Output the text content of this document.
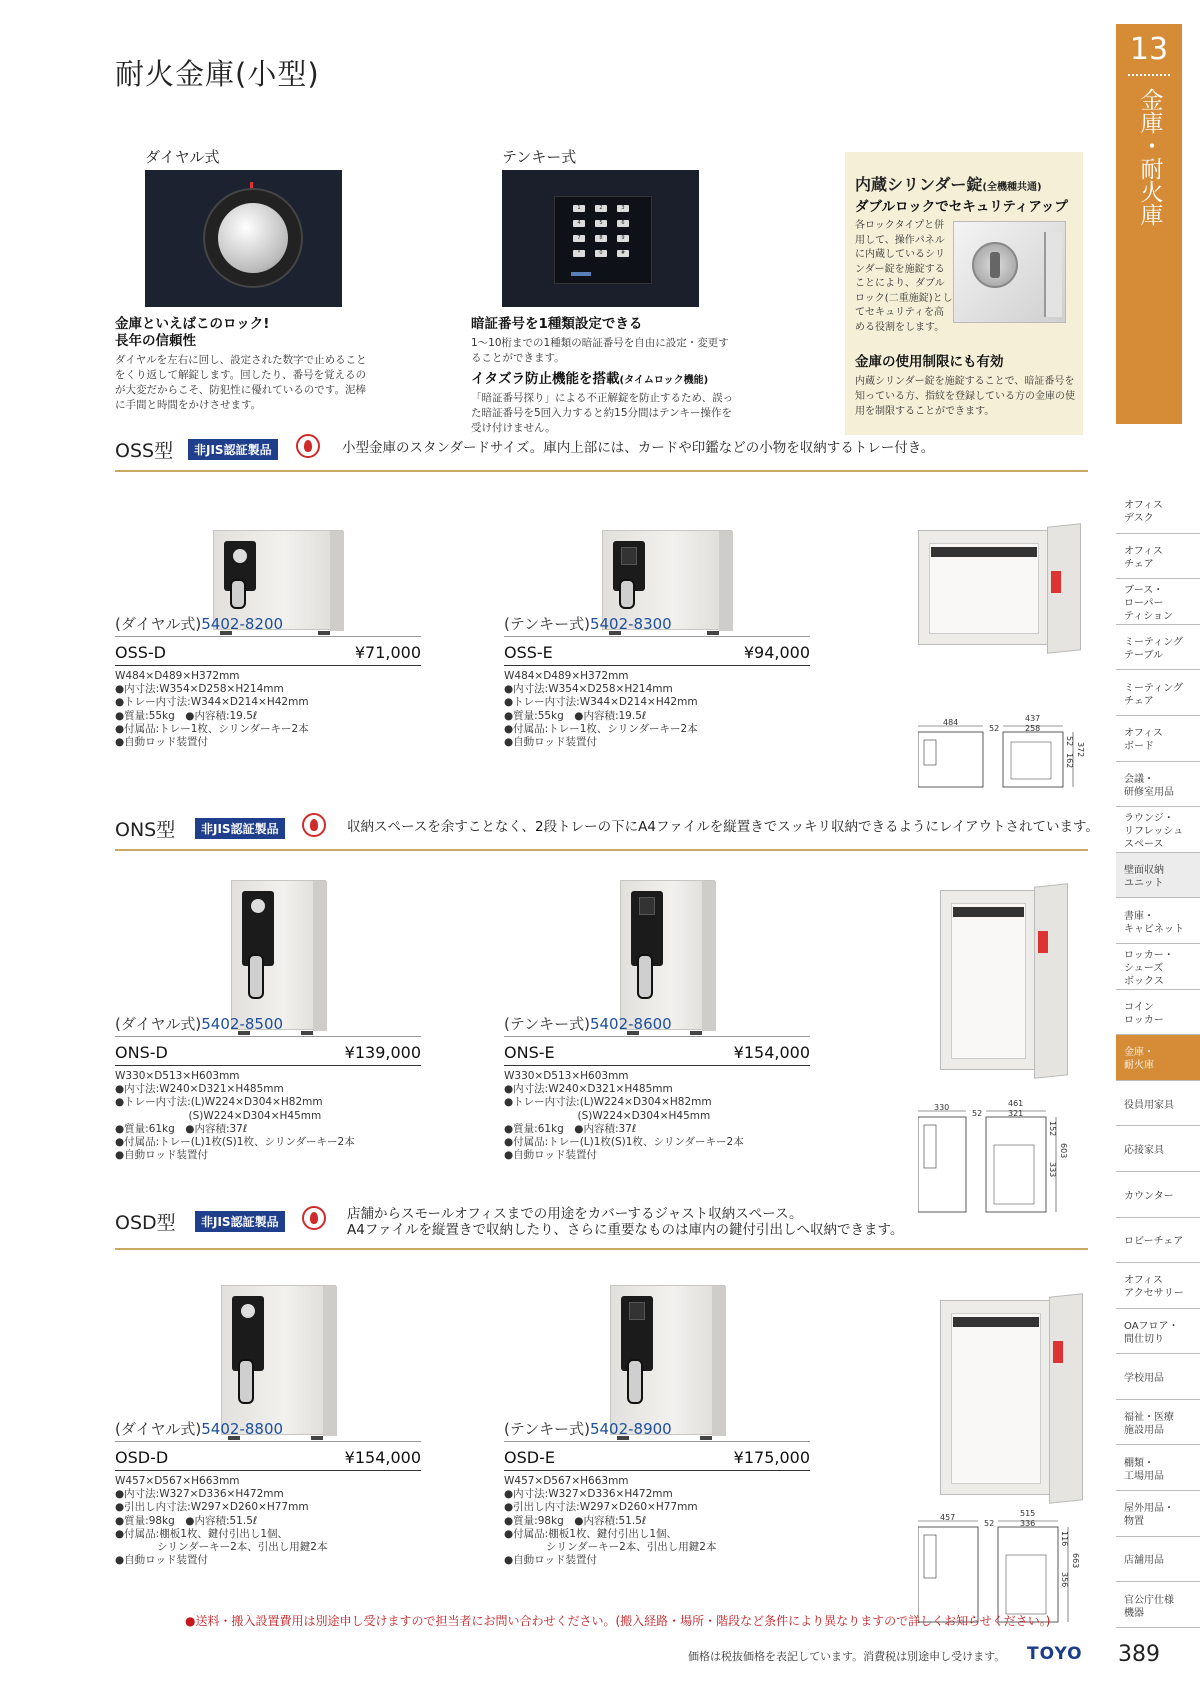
耐火金庫(小型)
13
金庫・耐火庫
オフィス
デスク
オフィス
チェア
ブース・
ローパー
ティション
ミーティング
テーブル
ミーティング
チェア
オフィス
ボード
会議・
研修室用品
ラウンジ・
リフレッシュ
スペース
壁面収納
ユニット
書庫・
キャビネット
ロッカー・
シューズ
ボックス
コイン
ロッカー
金庫・
耐火庫
役員用家具
応接家具
カウンター
ロビーチェア
オフィス
アクセサリー
OAフロア・
間仕切り
学校用品
福祉・医療
施設用品
棚類・
工場用品
屋外用品・
物置
店舗用品
官公庁仕様
機器
ダイヤル式
金庫といえばこのロック!
長年の信頼性
ダイヤルを左右に回し、設定された数字で止めることをくり返して解錠します。回したり、番号を覚えるのが大変だからこそ、防犯性に優れているのです。泥棒に手間と時間をかけさせます。
テンキー式
1	2	3
4	5	6
7	8	9
*	0	#
暗証番号を1種類設定できる
1〜10桁までの1種類の暗証番号を自由に設定・変更することができます。
イタズラ防止機能を搭載(タイムロック機能)
「暗証番号探り」による不正解錠を防止するため、誤った暗証番号を5回入力すると約15分間はテンキー操作を受け付けません。
内蔵シリンダー錠(全機種共通)
ダブルロックでセキュリティアップ
各ロックタイプと併用して、操作パネルに内蔵しているシリンダー錠を施錠することにより、ダブルロック(二重施錠)としてセキュリティを高める役割をします。
金庫の使用制限にも有効
内蔵シリンダー錠を施錠することで、暗証番号を知っている方、指紋を登録している方の金庫の使用を制限することができます。
OSS型	非JIS認証製品	小型金庫のスタンダードサイズ。庫内上部には、カードや印鑑などの小物を収納するトレー付き。
(ダイヤル式)5402-8200
OSS-D	¥71,000
W484×D489×H372mm
●内寸法:W354×D258×H214mm
●トレー内寸法:W344×D214×H42mm
●質量:55kg　●内容積:19.5ℓ
●付属品:トレー1枚、シリンダーキー2本
●自動ロッド装置付
(テンキー式)5402-8300
OSS-E	¥94,000
W484×D489×H372mm
●内寸法:W354×D258×H214mm
●トレー内寸法:W344×D214×H42mm
●質量:55kg　●内容積:19.5ℓ
●付属品:トレー1枚、シリンダーキー2本
●自動ロッド装置付
484
52
437
258
52
162
372
ONS型	非JIS認証製品	収納スペースを余すことなく、2段トレーの下にA4ファイルを縦置きでスッキリ収納できるようにレイアウトされています。
(ダイヤル式)5402-8500
ONS-D	¥139,000
W330×D513×H603mm
●内寸法:W240×D321×H485mm
●トレー内寸法:(L)W224×D304×H82mm
　　　　　　　(S)W224×D304×H45mm
●質量:61kg　●内容積:37ℓ
●付属品:トレー(L)1枚(S)1枚、シリンダーキー2本
●自動ロッド装置付
(テンキー式)5402-8600
ONS-E	¥154,000
W330×D513×H603mm
●内寸法:W240×D321×H485mm
●トレー内寸法:(L)W224×D304×H82mm
　　　　　　　(S)W224×D304×H45mm
●質量:61kg　●内容積:37ℓ
●付属品:トレー(L)1枚(S)1枚、シリンダーキー2本
●自動ロッド装置付
330
52
461
321
152
333
603
OSD型	非JIS認証製品	店舗からスモールオフィスまでの用途をカバーするジャスト収納スペース。
A4ファイルを縦置きで収納したり、さらに重要なものは庫内の鍵付引出しへ収納できます。
(ダイヤル式)5402-8800
OSD-D	¥154,000
W457×D567×H663mm
●内寸法:W327×D336×H472mm
●引出し内寸法:W297×D260×H77mm
●質量:98kg　●内容積:51.5ℓ
●付属品:棚板1枚、鍵付引出し1個、
　　　　シリンダーキー2本、引出し用鍵2本
●自動ロッド装置付
(テンキー式)5402-8900
OSD-E	¥175,000
W457×D567×H663mm
●内寸法:W327×D336×H472mm
●引出し内寸法:W297×D260×H77mm
●質量:98kg　●内容積:51.5ℓ
●付属品:棚板1枚、鍵付引出し1個、
　　　　シリンダーキー2本、引出し用鍵2本
●自動ロッド装置付
457
52
515
336
116
356
663
●送料・搬入設置費用は別途申し受けますので担当者にお問い合わせください。(搬入経路・場所・階段など条件により異なりますので詳しくお知らせください。)
価格は税抜価格を表記しています。消費税は別途申し受けます。 TOYO 389
